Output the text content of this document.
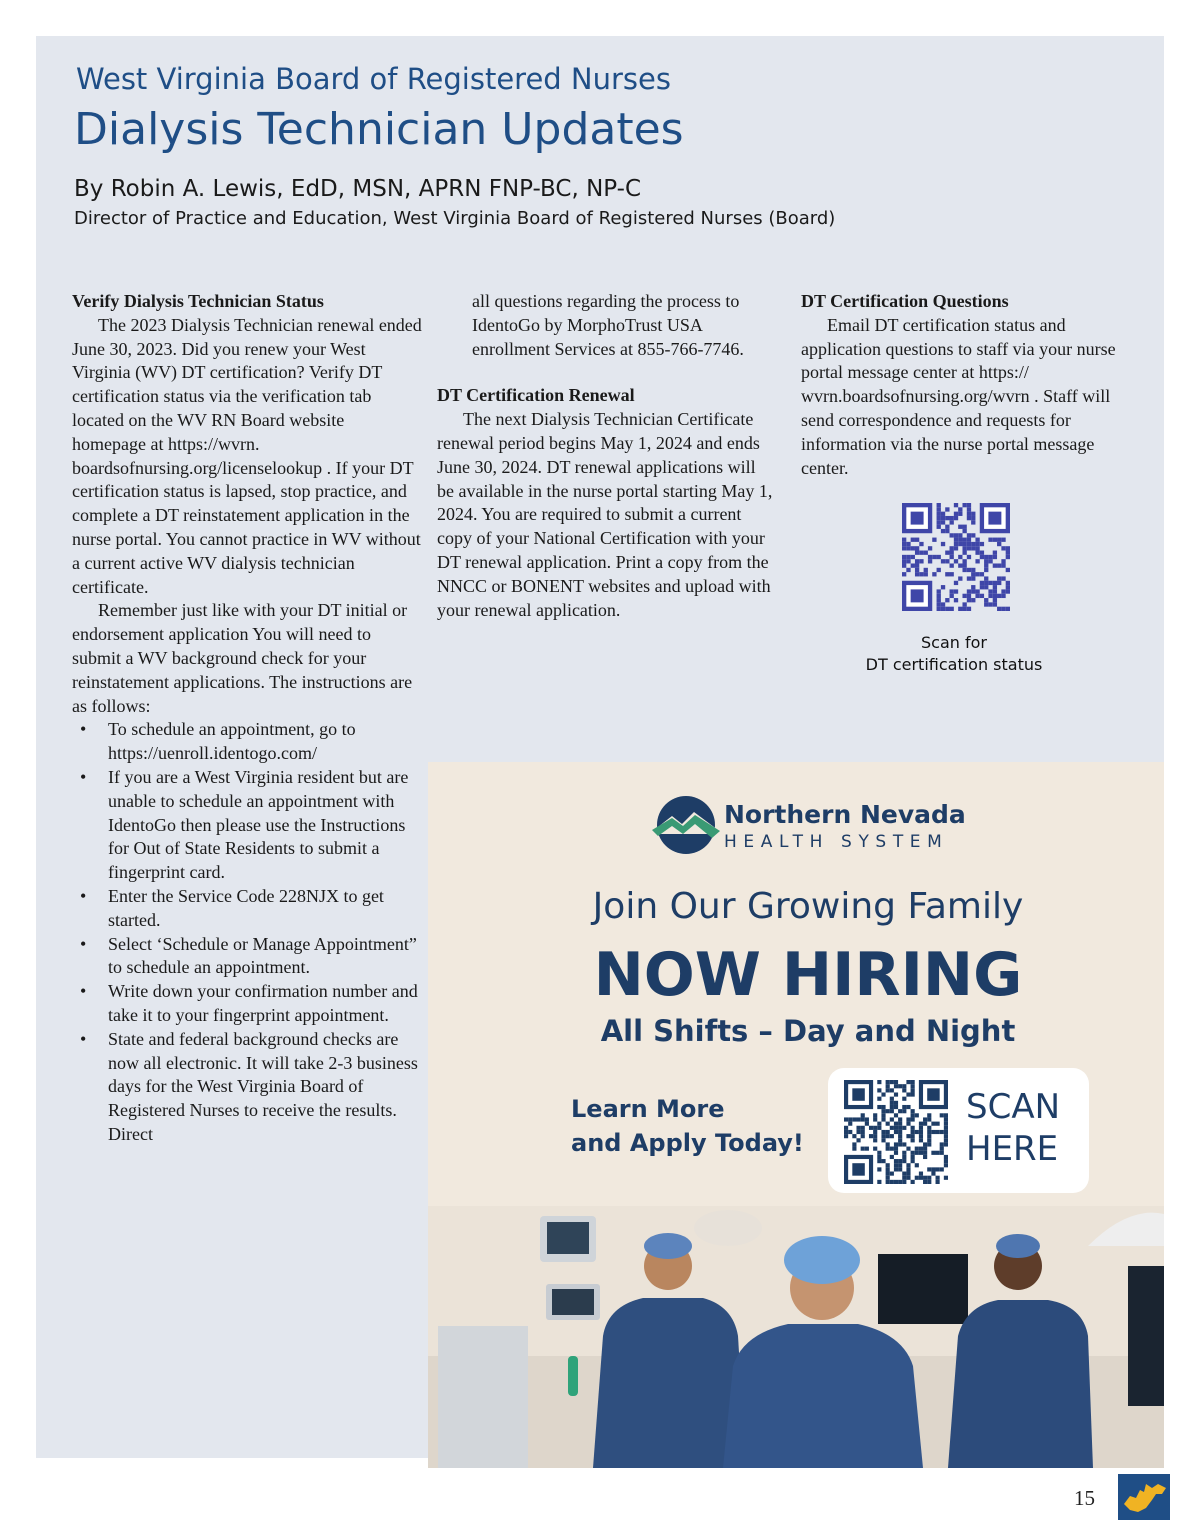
West Virginia Board of Registered Nurses
Dialysis Technician Updates
By Robin A. Lewis, EdD, MSN, APRN FNP-BC, NP-C
Director of Practice and Education, West Virginia Board of Registered Nurses (Board)
Verify Dialysis Technician Status

The 2023 Dialysis Technician renewal ended June 30, 2023. Did you renew your West Virginia (WV) DT certification? Verify DT certification status via the verification tab located on the WV RN Board website homepage at https://wvrn. boardsofnursing.org/licenselookup . If your DT certification status is lapsed, stop practice, and complete a DT reinstatement application in the nurse portal. You cannot practice in WV without a current active WV dialysis technician certificate.

Remember just like with your DT initial or endorsement application You will need to submit a WV background check for your reinstatement applications. The instructions are as follows:

• To schedule an appointment, go to https://uenroll.identogo.com/
• If you are a West Virginia resident but are unable to schedule an appointment with IdentoGo then please use the Instructions for Out of State Residents to submit a fingerprint card.
• Enter the Service Code 228NJX to get started.
• Select ‘Schedule or Manage Appointment” to schedule an appointment.
• Write down your confirmation number and take it to your fingerprint appointment.
• State and federal background checks are now all electronic. It will take 2-3 business days for the West Virginia Board of Registered Nurses to receive the results. Direct

all questions regarding the process to IdentoGo by MorphoTrust USA enrollment Services at 855-766-7746.

DT Certification Renewal

The next Dialysis Technician Certificate renewal period begins May 1, 2024 and ends June 30, 2024. DT renewal applications will be available in the nurse portal starting May 1, 2024. You are required to submit a current copy of your National Certification with your DT renewal application. Print a copy from the NNCC or BONENT websites and upload with your renewal application.

DT Certification Questions

Email DT certification status and application questions to staff via your nurse portal message center at https:// wvrn.boardsofnursing.org/wvrn . Staff will send correspondence and requests for information via the nurse portal message center.

Scan for
DT certification status
Northern Nevada
HEALTH SYSTEM
Join Our Growing Family
NOW HIRING
All Shifts – Day and Night
Learn More
and Apply Today!
SCAN
HERE
15
